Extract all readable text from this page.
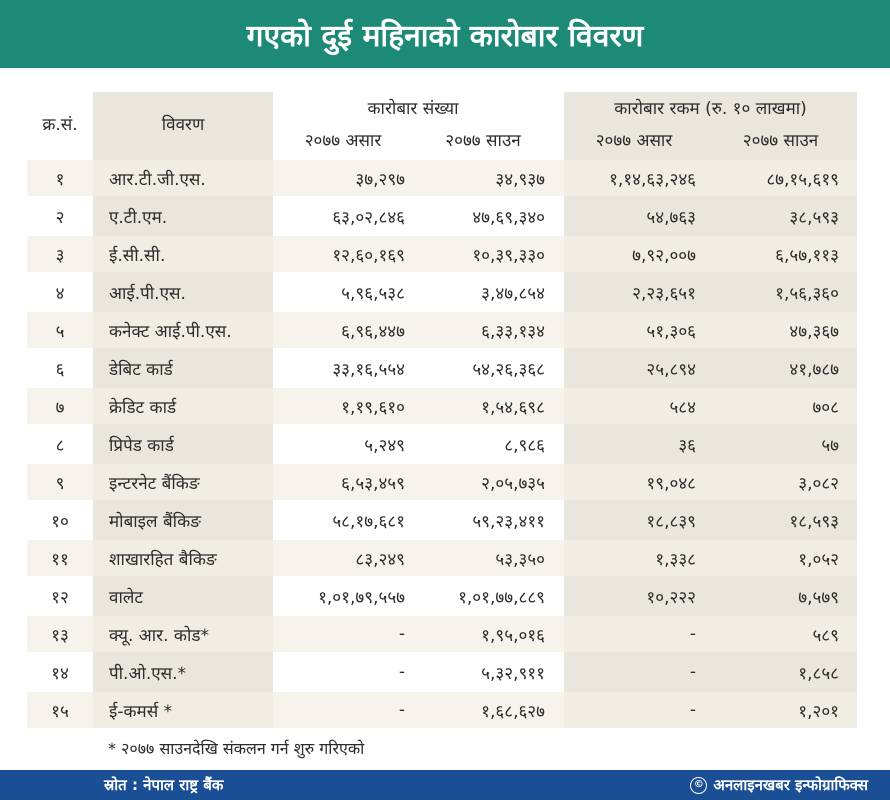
गएको दुई महिनाको कारोबार विवरण
क्र.सं.	विवरण
कारोबार संख्या	कारोबार रकम (रु. १० लाखमा)
२०७७ असार	२०७७ साउन	२०७७ असार	२०७७ साउन
१	आर.टी.जी.एस.	३७,२९७	३४,९३७	१,१४,६३,२४६	८७,१५,६१९
२	ए.टी.एम.	६३,०२,८४६	४७,६९,३४०	५४,७६३	३८,५९३
३	ई.सी.सी.	१२,६०,१६९	१०,३९,३३०	७,९२,००७	६,५७,११३
४	आई.पी.एस.	५,९६,५३८	३,४७,८५४	२,२३,६५१	१,५६,३६०
५	कनेक्ट आई.पी.एस.	६,९६,४४७	६,३३,१३४	५१,३०६	४७,३६७
६	डेबिट कार्ड	३३,१६,५५४	५४,२६,३६८	२५,८९४	४१,७८७
७	क्रेडिट कार्ड	१,१९,६१०	१,५४,६९८	५८४	७०८
८	प्रिपेड कार्ड	५,२४९	८,९८६	३६	५७
९	इन्टरनेट बैंकिङ	६,५३,४५९	२,०५,७३५	१९,०४८	३,०८२
१०	मोबाइल बैंकिङ	५८,१७,६८१	५९,२३,४११	१८,८३९	१८,५९३
११	शाखारहित बैकिङ	८३,२४९	५३,३५०	१,३३८	१,०५२
१२	वालेट	१,०१,७९,५५७	१,०१,७७,८८९	१०,२२२	७,५७९
१३	क्यू. आर. कोड*	-	१,९५,०१६	-	५८९
१४	पी.ओ.एस.*	-	५,३२,९११	-	१,८५८
१५	ई-कमर्स *	-	१,६८,६२७	-	१,२०१
* २०७७ साउनदेखि संकलन गर्न शुरु गरिएको
स्रोत : नेपाल राष्ट्र बैंक	© अनलाइनखबर इन्फोग्राफिक्स
